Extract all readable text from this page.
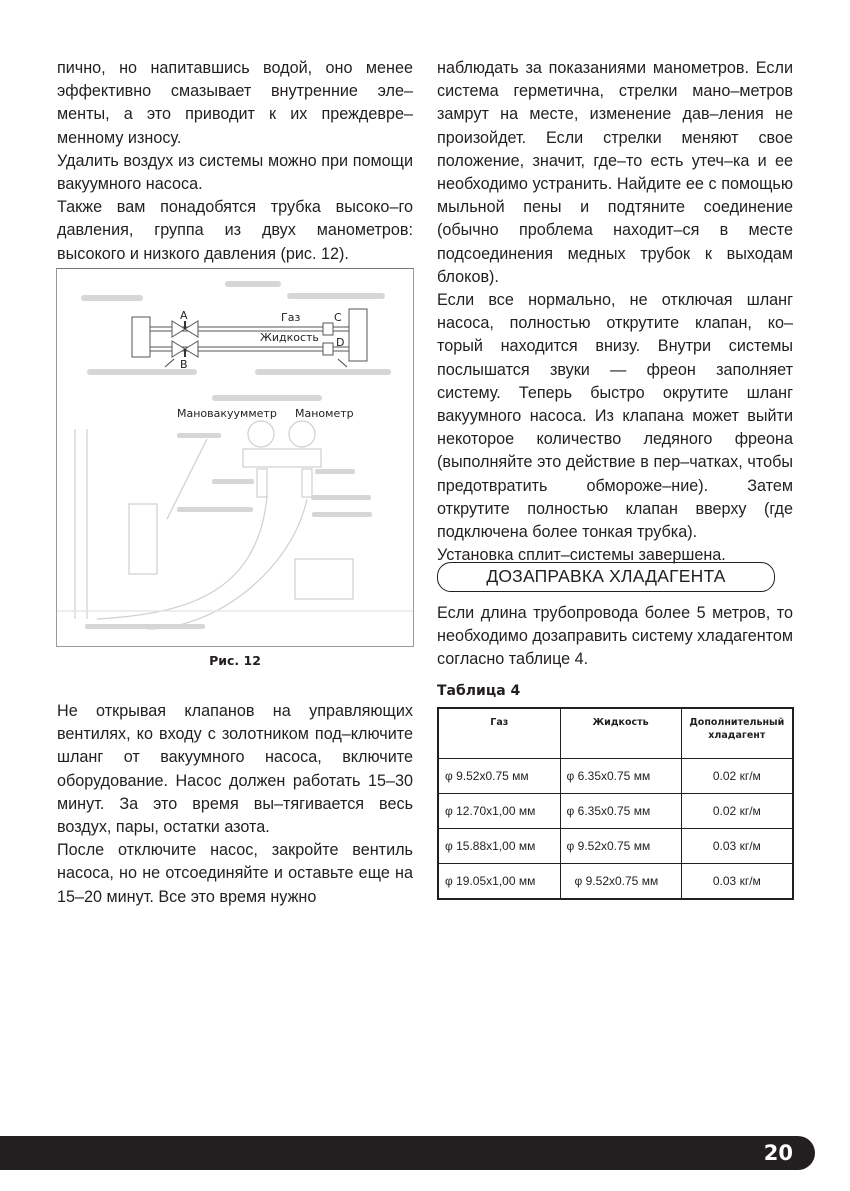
пично, но напитавшись водой, оно менее эффективно смазывает внутренние эле–менты, а это приводит к их преждевре–менному износу.

Удалить воздух из системы можно при помощи вакуумного насоса.

Также вам понадобятся трубка высоко–го давления, группа из двух манометров: высокого и низкого давления (рис. 12).

A
B
C
D
Газ
Жидкость
Мановакуумметр Манометр
Рис. 12

Не открывая клапанов на управляющих вентилях, ко входу с золотником под–ключите шланг от вакуумного насоса, включите оборудование. Насос должен работать 15–30 минут. За это время вы–тягивается весь воздух, пары, остатки азота.

После отключите насос, закройте вентиль насоса, но не отсоединяйте и оставьте еще на 15–20 минут. Все это время нужно

наблюдать за показаниями манометров. Если система герметична, стрелки мано–метров замрут на месте, изменение дав–ления не произойдет. Если стрелки меняют свое положение, значит, где–то есть утеч–ка и ее необходимо устранить. Найдите ее с помощью мыльной пены и подтяните соединение (обычно проблема находит–ся в месте подсоединения медных трубок к выходам блоков).

Если все нормально, не отключая шланг насоса, полностью открутите клапан, ко–торый находится внизу. Внутри системы послышатся звуки — фреон заполняет систему. Теперь быстро окрутите шланг вакуумного насоса. Из клапана может выйти некоторое количество ледяного фреона (выполняйте это действие в пер–чатках, чтобы предотвратить обмороже–ние). Затем открутите полностью клапан вверху (где подключена более тонкая трубка).

Установка сплит–системы завершена.

ДОЗАПРАВКА ХЛАДАГЕНТА

Если длина трубопровода более 5 метров, то необходимо дозаправить систему хладагентом согласно таблице 4.

Таблица 4
Газ	Жидкость	Дополнительный хладагент
φ 9.52x0.75 мм	φ 6.35x0.75 мм	0.02 кг/м
φ 12.70x1,00 мм	φ 6.35x0.75 мм	0.02 кг/м
φ 15.88x1,00 мм	φ 9.52x0.75 мм	0.03 кг/м
φ 19.05x1,00 мм	φ 9.52x0.75 мм	0.03 кг/м
20
